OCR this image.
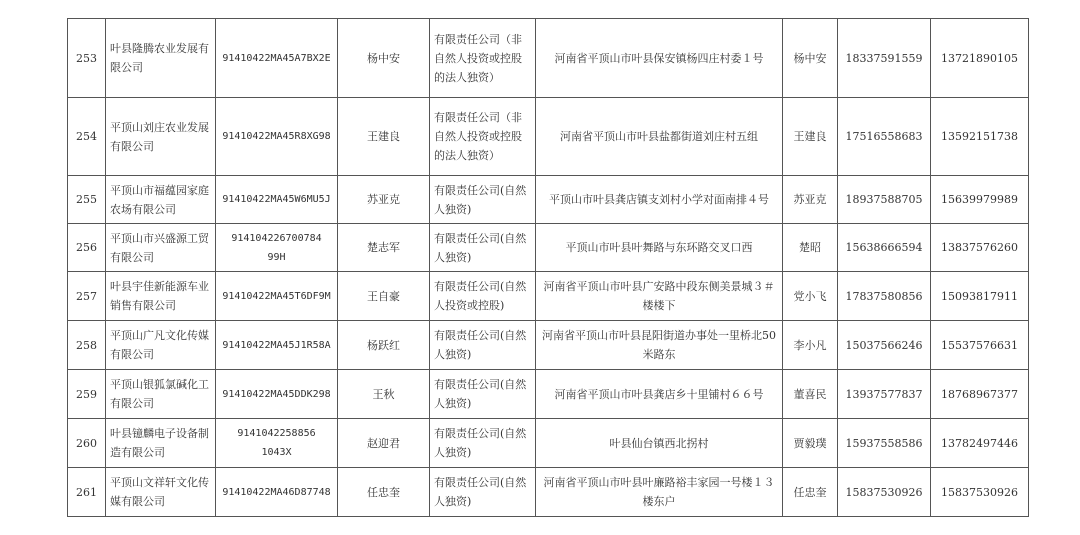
253	叶县隆腾农业发展有限公司	91410422MA45A7BX2E	杨中安	有限责任公司（非自然人投资或控股的法人独资）	河南省平顶山市叶县保安镇杨四庄村委１号	杨中安	18337591559	13721890105
254	平顶山刘庄农业发展有限公司	91410422MA45R8XG98	王建良	有限责任公司（非自然人投资或控股的法人独资）	河南省平顶山市叶县盐都街道刘庄村五组	王建良	17516558683	13592151738
255	平顶山市福蕴园家庭农场有限公司	91410422MA45W6MU5J	苏亚克	有限责任公司(自然人独资)	平顶山市叶县龚店镇支刘村小学对面南排４号	苏亚克	18937588705	15639979989
256	平顶山市兴盛源工贸有限公司	914104226700784 99H	楚志军	有限责任公司(自然人独资)	平顶山市叶县叶舞路与东环路交叉口西	楚昭	15638666594	13837576260
257	叶县宇佳新能源车业销售有限公司	91410422MA45T6DF9M	王自豪	有限责任公司(自然人投资或控股)	河南省平顶山市叶县广安路中段东侧美景城３＃楼楼下	党小飞	17837580856	15093817911
258	平顶山广凡文化传媒有限公司	91410422MA45J1R58A	杨跃红	有限责任公司(自然人独资)	河南省平顶山市叶县昆阳街道办事处一里桥北50米路东	李小凡	15037566246	15537576631
259	平顶山银狐氯碱化工有限公司	91410422MA45DDK298	王秋	有限责任公司(自然人独资)	河南省平顶山市叶县龚店乡十里铺村６６号	董喜民	13937577837	18768967377
260	叶县镱麟电子设备制造有限公司	9141042258856 1043X	赵迎君	有限责任公司(自然人独资)	叶县仙台镇西北拐村	贾毅璞	15937558586	13782497446
261	平顶山文祥轩文化传媒有限公司	91410422MA46D87748	任忠奎	有限责任公司(自然人独资)	河南省平顶山市叶县叶廉路裕丰家园一号楼１３楼东户	任忠奎	15837530926	15837530926
